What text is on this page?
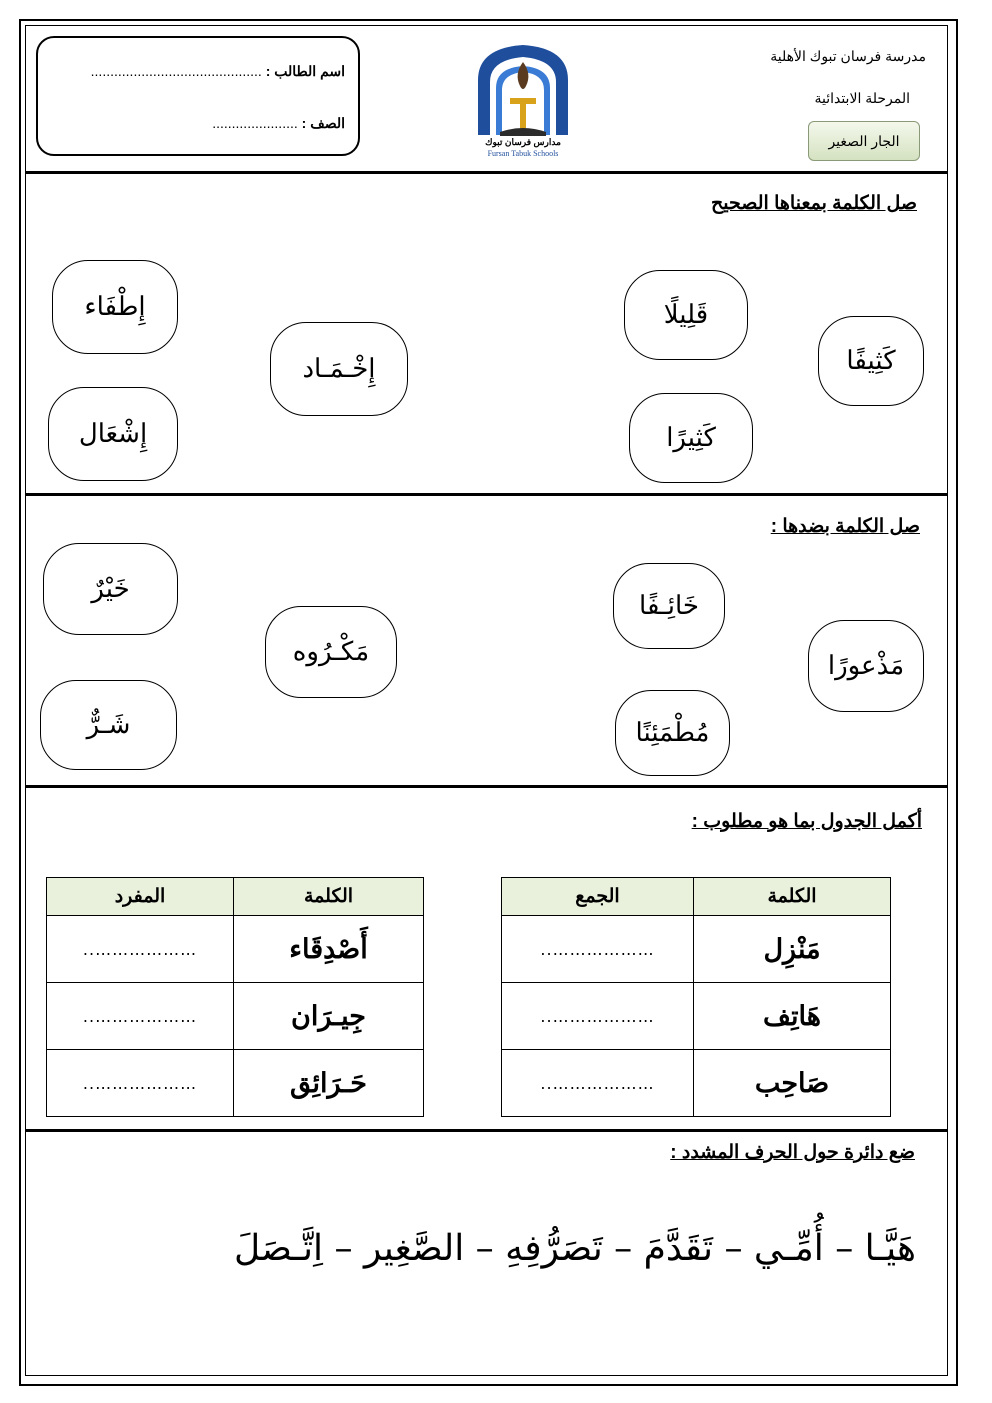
اسم الطالب : ............................................
الصف : ......................
مدارس فرسان تبوك
Fursan Tabuk Schools
مدرسة فرسان تبوك الأهلية
المرحلة الابتدائية
الجار الصغير
صل الكلمة بمعناها الصحيح
كَثِيفًا
قَلِيلًا
كَثِيرًا
إِطْفَاء
إِخْـمَـاد
إِشْعَال
صل الكلمة بضدها :
مَذْعورًا
خَائِـفًا
مُطْمَئِنًا
خَيْرٌ
مَكْـرُوه
شَـرٌّ
أكمل الجدول بما هو مطلوب :
الكلمة	الجمع
مَنْزِل	………………..
هَاتِف	………………..
صَاحِب	………………..
الكلمة	المفرد
أَصْدِقَاء	………………..
جِيـرَان	………………..
حَـرَائِق	………………..
ضع دائرة حول الحرف المشدد :
هَيَّـا – أُمِّـي – تَقَدَّمَ – تَصَرُّفِهِ – الصَّغِير – اِتَّـصَلَ
